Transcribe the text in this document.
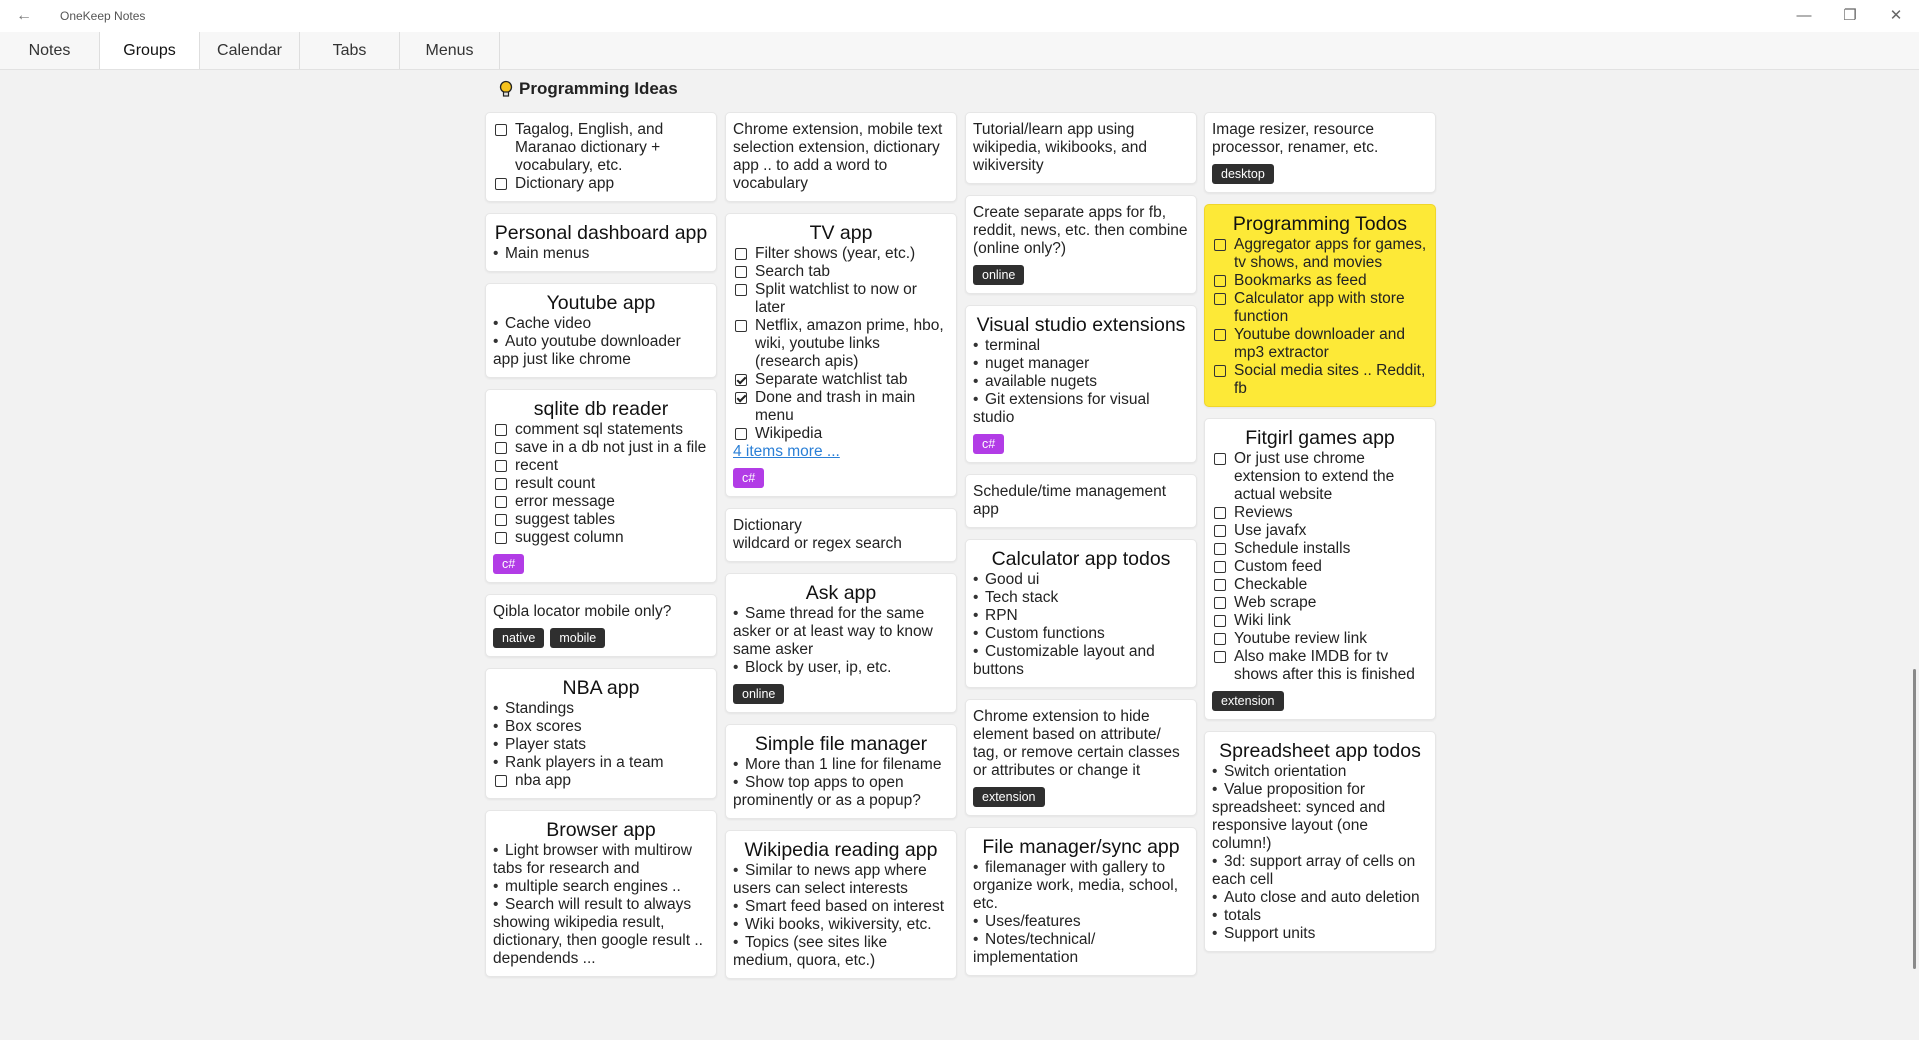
←	OneKeep Notes	—	❐	✕
Notes	Groups	Calendar	Tabs	Menus
Programming Ideas
Tagalog, English, and Maranao dictionary + vocabulary, etc.
Dictionary app
Personal dashboard app
• Main menus
Youtube app
• Cache video
• Auto youtube downloader app just like chrome
sqlite db reader
comment sql statements
save in a db not just in a file
recent
result count
error message
suggest tables
suggest column
c#
Qibla locator mobile only?
native	mobile
NBA app
• Standings
• Box scores
• Player stats
• Rank players in a team
nba app
Browser app
• Light browser with multirow tabs for research and
• multiple search engines ..
• Search will result to always showing wikipedia result, dictionary, then google result .. dependends ...
Chrome extension, mobile text selection extension, dictionary app .. to add a word to vocabulary
TV app
Filter shows (year, etc.)
Search tab
Split watchlist to now or later
Netflix, amazon prime, hbo, wiki, youtube links (research apis)
Separate watchlist tab
Done and trash in main menu
Wikipedia
4 items more ...
c#
Dictionary
wildcard or regex search
Ask app
• Same thread for the same asker or at least way to know same asker
• Block by user, ip, etc.
online
Simple file manager
• More than 1 line for filename
• Show top apps to open prominently or as a popup?
Wikipedia reading app
• Similar to news app where users can select interests
• Smart feed based on interest
• Wiki books, wikiversity, etc.
• Topics (see sites like medium, quora, etc.)
Tutorial/learn app using wikipedia, wikibooks, and wikiversity
Create separate apps for fb, reddit, news, etc. then combine (online only?)
online
Visual studio extensions
• terminal
• nuget manager
• available nugets
• Git extensions for visual studio
c#
Schedule/time management app
Calculator app todos
• Good ui
• Tech stack
• RPN
• Custom functions
• Customizable layout and buttons
Chrome extension to hide element based on attribute/ tag, or remove certain classes or attributes or change it
extension
File manager/sync app
• filemanager with gallery to organize work, media, school, etc.
• Uses/features
• Notes/technical/ implementation
Image resizer, resource processor, renamer, etc.
desktop
Programming Todos
Aggregator apps for games, tv shows, and movies
Bookmarks as feed
Calculator app with store function
Youtube downloader and mp3 extractor
Social media sites .. Reddit, fb
Fitgirl games app
Or just use chrome extension to extend the actual website
Reviews
Use javafx
Schedule installs
Custom feed
Checkable
Web scrape
Wiki link
Youtube review link
Also make IMDB for tv shows after this is finished
extension
Spreadsheet app todos
• Switch orientation
• Value proposition for spreadsheet: synced and responsive layout (one column!)
• 3d: support array of cells on each cell
• Auto close and auto deletion
• totals
• Support units
